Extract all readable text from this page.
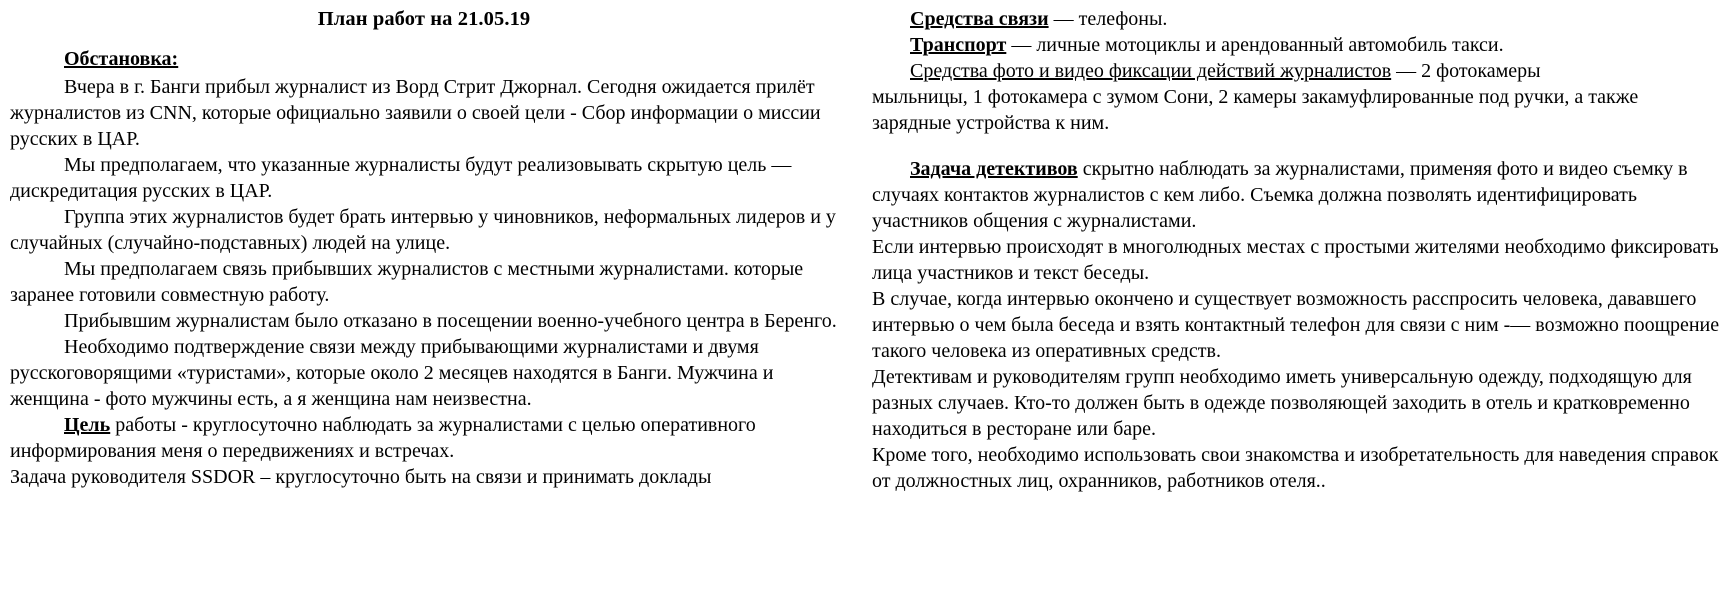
План работ на 21.05.19

Обстановка:

Вчера в г. Банги прибыл журналист из Ворд Стрит Джорнал. Сегодня ожидается прилёт журналистов из CNN, которые официально заявили о своей цели - Сбор информации о миссии русских в ЦАР.

Мы предполагаем, что указанные журналисты будут реализовывать скрытую цель — дискредитация русских в ЦАР.

Группа этих журналистов будет брать интервью у чиновников, неформальных лидеров и у случайных (случайно-подставных) людей на улице.

Мы предполагаем связь прибывших журналистов с местными журналистами. которые заранее готовили совместную работу.

Прибывшим журналистам было отказано в посещении военно-учебного центра в Беренго.

Необходимо подтверждение связи между прибывающими журналистами и двумя русскоговорящими «туристами», которые около 2 месяцев находятся в Банги. Мужчина и женщина - фото мужчины есть, а я женщина нам неизвестна.

Цель работы - круглосуточно наблюдать за журналистами с целью оперативного информирования меня о передвижениях и встречах.

Задача руководителя SSDOR – круглосуточно быть на связи и принимать доклады

Средства связи — телефоны.

Транспорт — личные мотоциклы и арендованный автомобиль такси.

Средства фото и видео фиксации действий журналистов — 2 фотокамеры

мыльницы, 1 фотокамера с зумом Сони, 2 камеры закамуфлированные под ручки, а также зарядные устройства к ним.

Задача детективов скрытно наблюдать за журналистами, применяя фото и видео съемку в случаях контактов журналистов с кем либо. Съемка должна позволять идентифицировать участников общения с журналистами.

Если интервью происходят в многолюдных местах с простыми жителями необходимо фиксировать лица участников и текст беседы.

В случае, когда интервью окончено и существует возможность расспросить человека, дававшего интервью о чем была беседа и взять контактный телефон для связи с ним -— возможно поощрение такого человека из оперативных средств.

Детективам и руководителям групп необходимо иметь универсальную одежду, подходящую для разных случаев. Кто-то должен быть в одежде позволяющей заходить в отель и кратковременно находиться в ресторане или баре.

Кроме того, необходимо использовать свои знакомства и изобретательность для наведения справок от должностных лиц, охранников, работников отеля..
